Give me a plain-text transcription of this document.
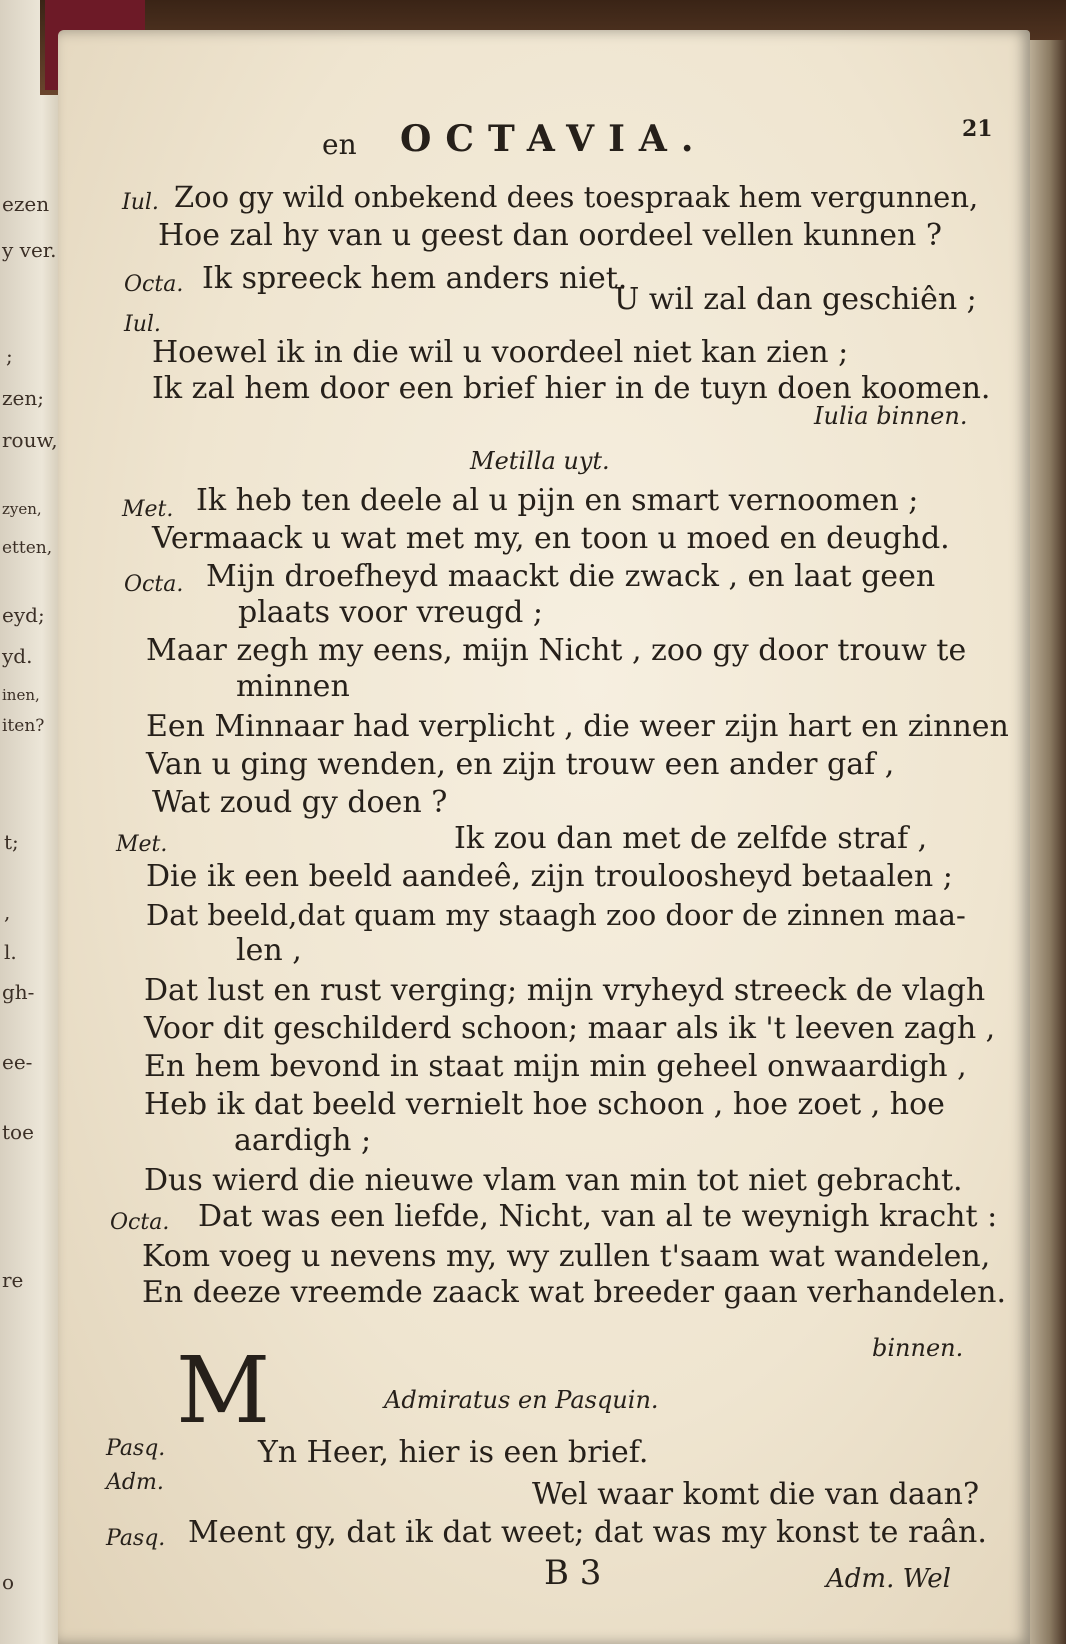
ezen
y ver.
;
zen;
rouw,
zyen,
etten,
eyd;
yd.
inen,
iten?
t;
,
l.
gh-
ee-
toe
re
o
en OCTAVIA.	21
Iul. Zoo gy wild onbekend dees toespraak hem vergunnen,
Hoe zal hy van u geest dan oordeel vellen kunnen ?
Octa. Ik spreeck hem anders niet.
U wil zal dan geschiên ;
Iul.
Hoewel ik in die wil u voordeel niet kan zien ;
Ik zal hem door een brief hier in de tuyn doen koomen.
Iulia binnen.
Metilla uyt.
Met. Ik heb ten deele al u pijn en smart vernoomen ;
Vermaack u wat met my, en toon u moed en deughd.
Octa. Mijn droefheyd maackt die zwack , en laat geen
plaats voor vreugd ;
Maar zegh my eens, mijn Nicht , zoo gy door trouw te
minnen
Een Minnaar had verplicht , die weer zijn hart en zinnen
Van u ging wenden, en zijn trouw een ander gaf ,
Wat zoud gy doen ?
Met.	Ik zou dan met de zelfde straf ,
Die ik een beeld aandeê, zijn trouloosheyd betaalen ;
Dat beeld,dat quam my staagh zoo door de zinnen maa-
len ,
Dat lust en rust verging; mijn vryheyd streeck de vlagh
Voor dit geschilderd schoon; maar als ik 't leeven zagh ,
En hem bevond in staat mijn min geheel onwaardigh ,
Heb ik dat beeld vernielt hoe schoon , hoe zoet , hoe
aardigh ;
Dus wierd die nieuwe vlam van min tot niet gebracht.
Octa. Dat was een liefde, Nicht, van al te weynigh kracht :
Kom voeg u nevens my, wy zullen t'saam wat wandelen,
En deeze vreemde zaack wat breeder gaan verhandelen.
binnen.
Admiratus en Pasquin.
Pasq.
Adm.
M
Yn Heer, hier is een brief.
Wel waar komt die van daan?
Pasq. Meent gy, dat ik dat weet; dat was my konst te raân.
B 3	Adm. Wel
